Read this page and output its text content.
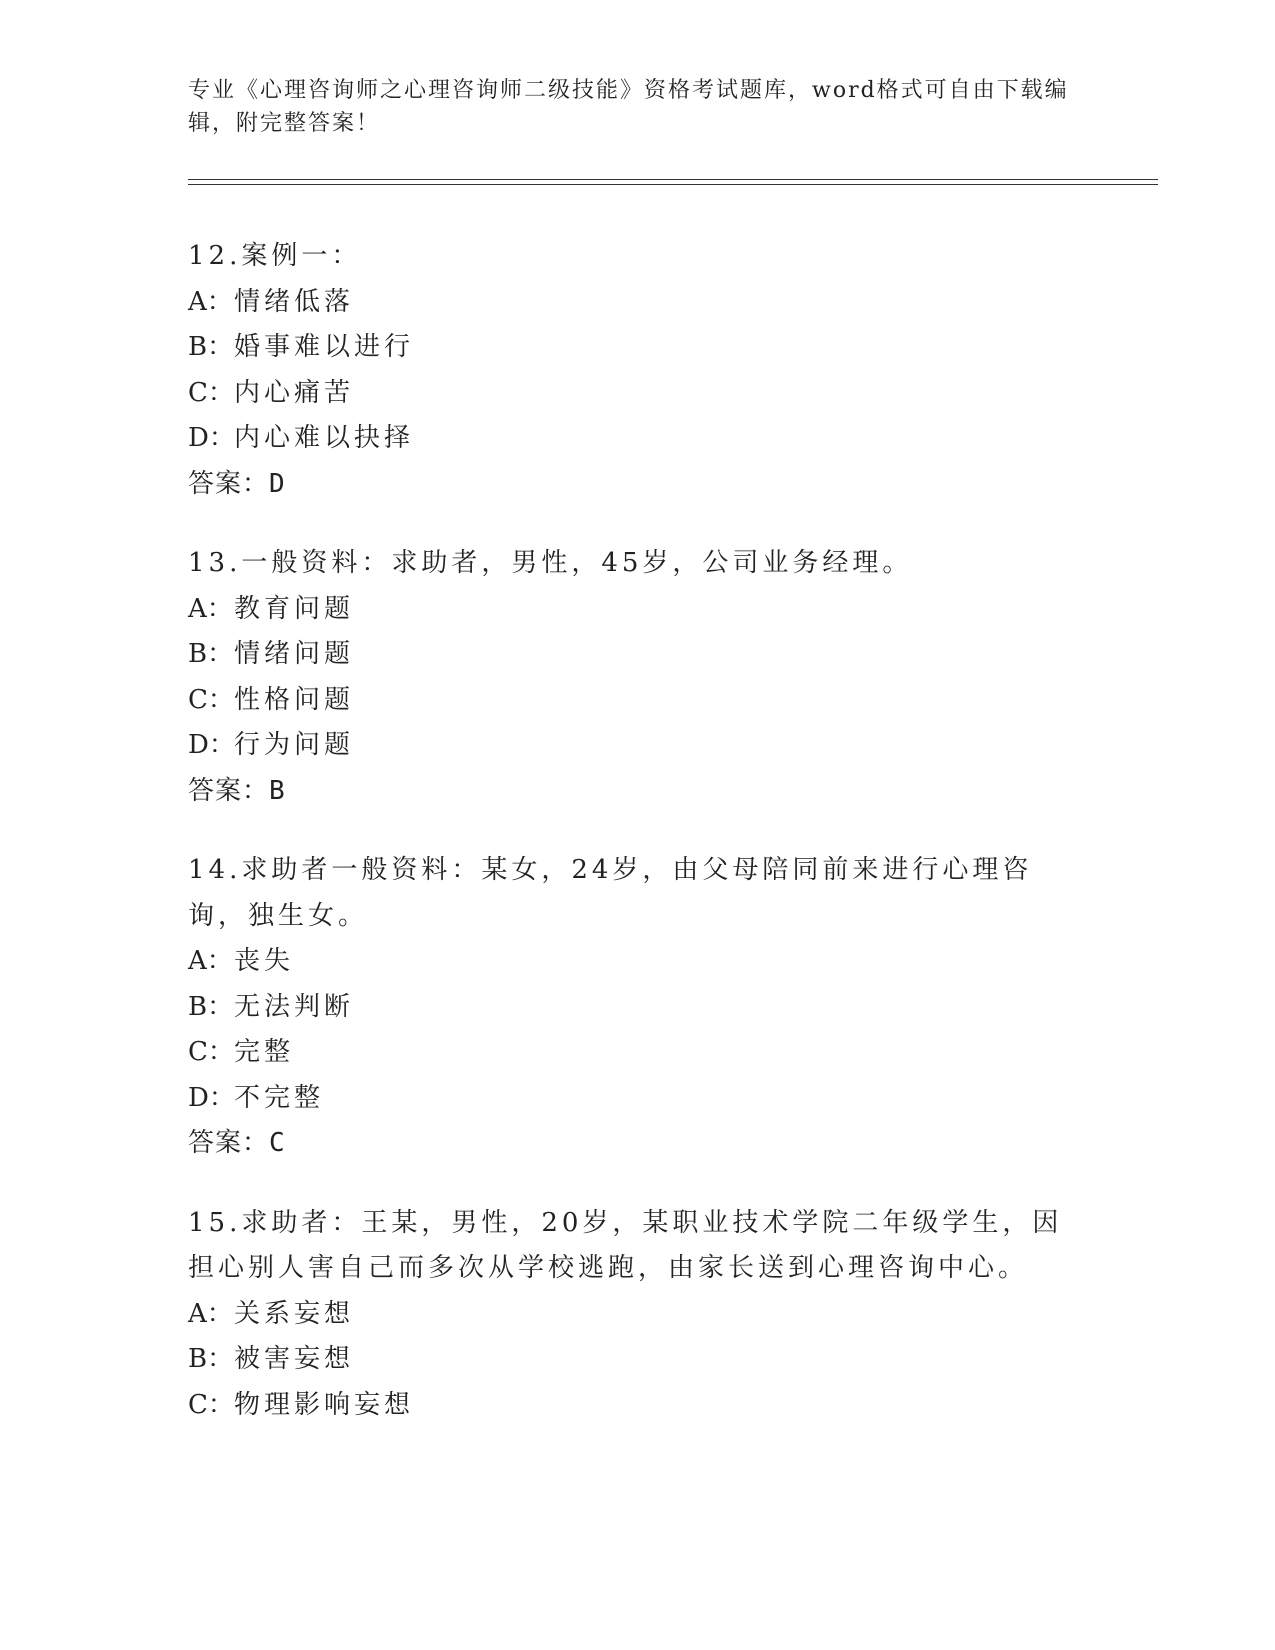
专业《心理咨询师之心理咨询师二级技能》资格考试题库，word格式可自由下载编辑，附完整答案！
12.案例一：
A：情绪低落
B：婚事难以进行
C：内心痛苦
D：内心难以抉择
答案：D
13.一般资料：求助者，男性，45岁，公司业务经理。
A：教育问题
B：情绪问题
C：性格问题
D：行为问题
答案：B
14.求助者一般资料：某女，24岁，由父母陪同前来进行心理咨询，独生女。
A：丧失
B：无法判断
C：完整
D：不完整
答案：C
15.求助者：王某，男性，20岁，某职业技术学院二年级学生，因担心别人害自己而多次从学校逃跑，由家长送到心理咨询中心。
A：关系妄想
B：被害妄想
C：物理影响妄想
